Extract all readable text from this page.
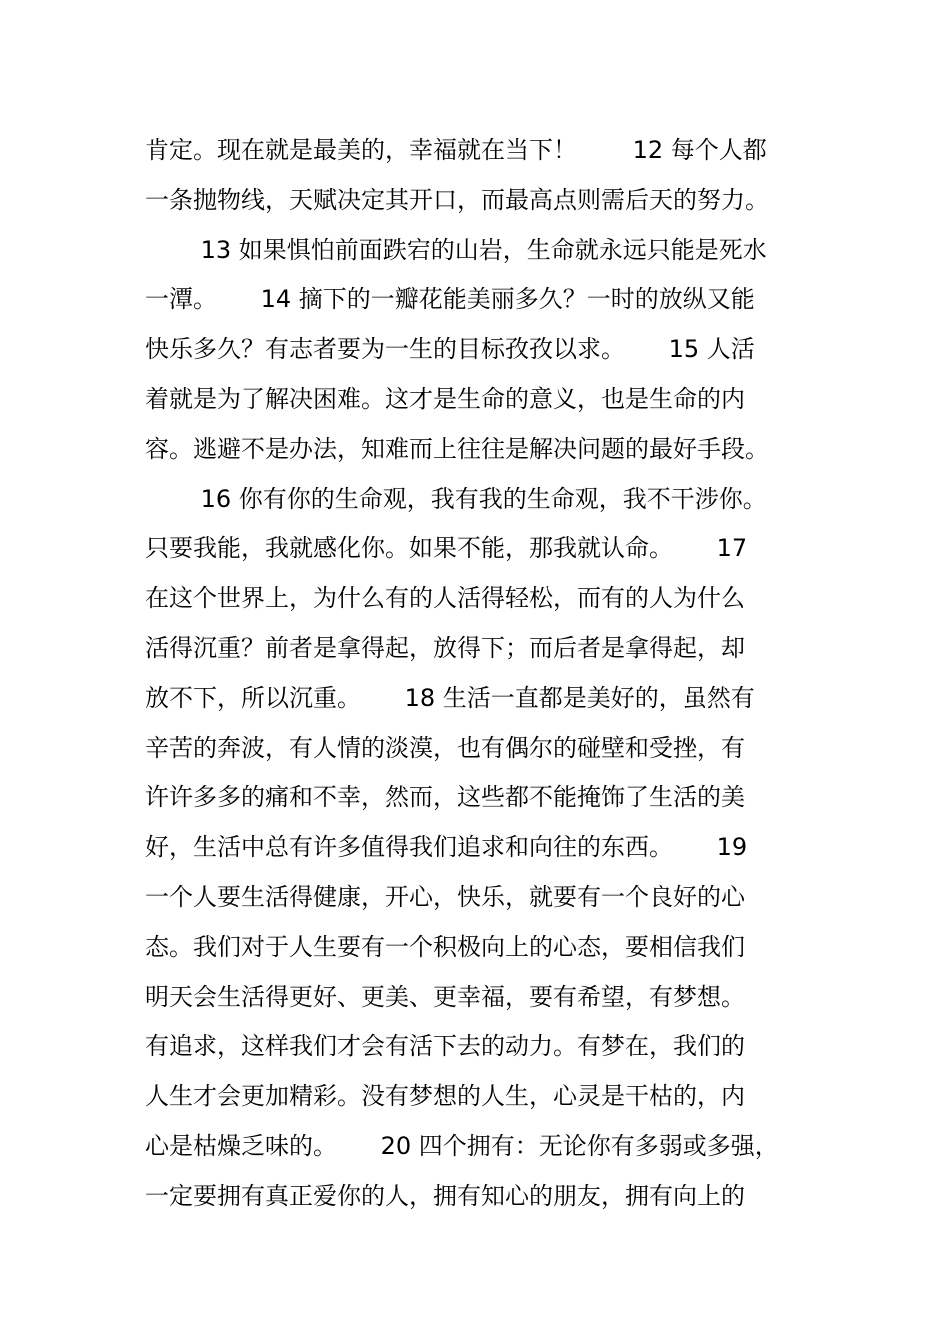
肯定。现在就是最美的，幸福就在当下！　　 12 每个人都
一条抛物线，天赋决定其开口，而最高点则需后天的努力。
　　 13 如果惧怕前面跌宕的山岩，生命就永远只能是死水
一潭。　　 14 摘下的一瓣花能美丽多久？一时的放纵又能
快乐多久？有志者要为一生的目标孜孜以求。　　 15 人活
着就是为了解决困难。这才是生命的意义，也是生命的内
容。逃避不是办法，知难而上往往是解决问题的最好手段。
　　 16 你有你的生命观，我有我的生命观，我不干涉你。
只要我能，我就感化你。如果不能，那我就认命。　　 17
在这个世界上，为什么有的人活得轻松，而有的人为什么
活得沉重？前者是拿得起，放得下；而后者是拿得起，却
放不下，所以沉重。　　 18 生活一直都是美好的，虽然有
辛苦的奔波，有人情的淡漠，也有偶尔的碰壁和受挫，有
许许多多的痛和不幸，然而，这些都不能掩饰了生活的美
好，生活中总有许多值得我们追求和向往的东西。　　 19
一个人要生活得健康，开心，快乐，就要有一个良好的心
态。我们对于人生要有一个积极向上的心态，要相信我们
明天会生活得更好、更美、更幸福，要有希望，有梦想。
有追求，这样我们才会有活下去的动力。有梦在，我们的
人生才会更加精彩。没有梦想的人生，心灵是干枯的，内
心是枯燥乏味的。　　 20 四个拥有：无论你有多弱或多强，
一定要拥有真正爱你的人，拥有知心的朋友，拥有向上的
